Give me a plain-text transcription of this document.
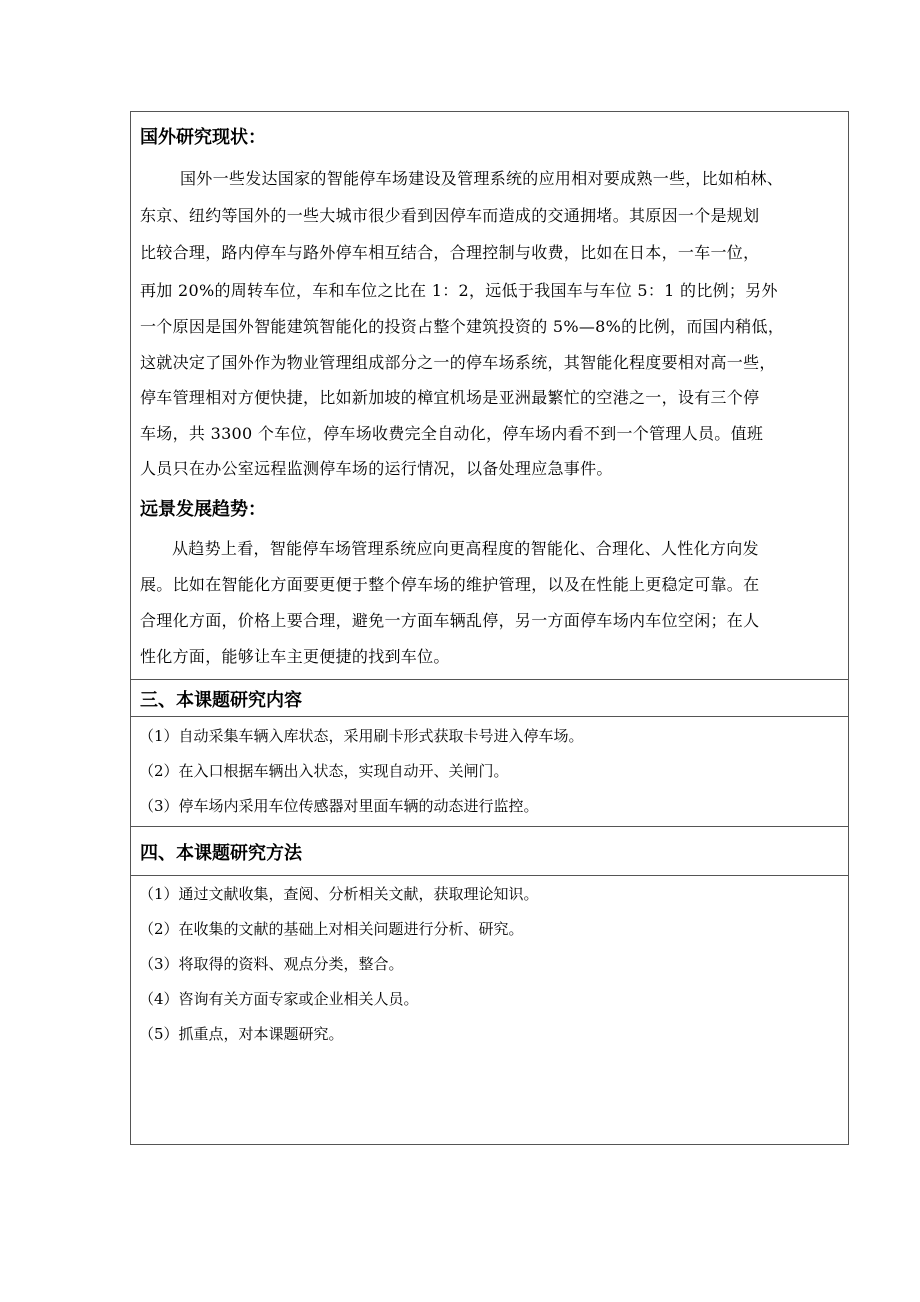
国外研究现状：
国外一些发达国家的智能停车场建设及管理系统的应用相对要成熟一些，比如柏林、
东京、纽约等国外的一些大城市很少看到因停车而造成的交通拥堵。其原因一个是规划
比较合理，路内停车与路外停车相互结合，合理控制与收费，比如在日本，一车一位，
再加 20%的周转车位，车和车位之比在 1：2，远低于我国车与车位 5：1 的比例；另外
一个原因是国外智能建筑智能化的投资占整个建筑投资的 5%—8%的比例，而国内稍低，
这就决定了国外作为物业管理组成部分之一的停车场系统，其智能化程度要相对高一些，
停车管理相对方便快捷，比如新加坡的樟宜机场是亚洲最繁忙的空港之一，设有三个停
车场，共 3300 个车位，停车场收费完全自动化，停车场内看不到一个管理人员。值班
人员只在办公室远程监测停车场的运行情况，以备处理应急事件。
远景发展趋势：
从趋势上看，智能停车场管理系统应向更高程度的智能化、合理化、人性化方向发
展。比如在智能化方面要更便于整个停车场的维护管理，以及在性能上更稳定可靠。在
合理化方面，价格上要合理，避免一方面车辆乱停，另一方面停车场内车位空闲；在人
性化方面，能够让车主更便捷的找到车位。
三、本课题研究内容
（1）自动采集车辆入库状态，采用刷卡形式获取卡号进入停车场。
（2）在入口根据车辆出入状态，实现自动开、关闸门。
（3）停车场内采用车位传感器对里面车辆的动态进行监控。
四、本课题研究方法
（1）通过文献收集，查阅、分析相关文献，获取理论知识。
（2）在收集的文献的基础上对相关问题进行分析、研究。
（3）将取得的资料、观点分类，整合。
（4）咨询有关方面专家或企业相关人员。
（5）抓重点，对本课题研究。
